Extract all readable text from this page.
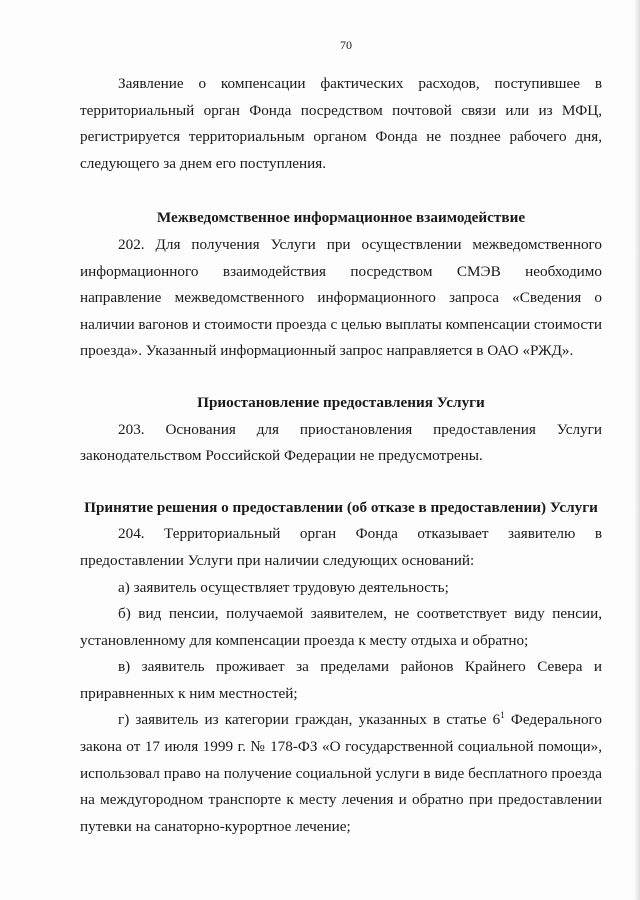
70

Заявление о компенсации фактических расходов, поступившее в территориальный орган Фонда посредством почтовой связи или из МФЦ, регистрируется территориальным органом Фонда не позднее рабочего дня, следующего за днем его поступления.

Межведомственное информационное взаимодействие

202. Для получения Услуги при осуществлении межведомственного информационного взаимодействия посредством СМЭВ необходимо направление межведомственного информационного запроса «Сведения о наличии вагонов и стоимости проезда с целью выплаты компенсации стоимости проезда». Указанный информационный запрос направляется в ОАО «РЖД».

Приостановление предоставления Услуги

203. Основания для приостановления предоставления Услуги законодательством Российской Федерации не предусмотрены.

Принятие решения о предоставлении (об отказе в предоставлении) Услуги

204. Территориальный орган Фонда отказывает заявителю в предоставлении Услуги при наличии следующих оснований:

а) заявитель осуществляет трудовую деятельность;
б) вид пенсии, получаемой заявителем, не соответствует виду пенсии, установленному для компенсации проезда к месту отдыха и обратно;
в) заявитель проживает за пределами районов Крайнего Севера и приравненных к ним местностей;
г) заявитель из категории граждан, указанных в статье $6^1$ Федерального закона от 17 июля 1999 г. № 178-ФЗ «О государственной социальной помощи», использовал право на получение социальной услуги в виде бесплатного проезда на междугородном транспорте к месту лечения и обратно при предоставлении путевки на санаторно-курортное лечение;
